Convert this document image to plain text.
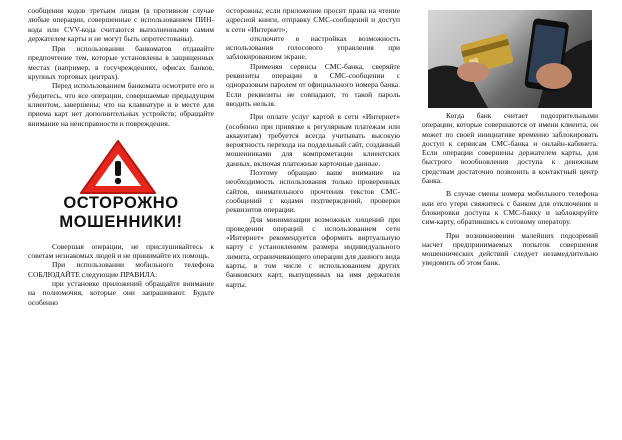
сообщения кодов третьим лицам (в противном случае любые операции, совершенные с использованием ПИН-кода или CVV-кода считаются выполненными самим держателем карты и не могут быть опротестованы).

При использовании банкоматов отдавайте предпочтение тем, которые установлены в защищенных местах (например, в госучреждениях, офисах банков, крупных торговых центрах).

Перед использованием банкомата осмотрите его и убедитесь, что все операции, совершаемые предыдущим клиентом, завершены; что на клавиатуре и в месте для приема карт нет дополнительных устройств; обращайте внимание на неисправности и повреждения.

ОСТОРОЖНО
МОШЕННИКИ!

Совершая операции, не прислушивайтесь к советам незнакомых людей и не принимайте их помощь.

При использовании мобильного телефона СОБЛЮДАЙТЕ следующие ПРАВИЛА:

при установке приложений обращайте внимание на полномочия, которые они запрашивают. Будьте особенно

осторожны, если приложение просит права на чтение адресной книги, отправку СМС-сообщений и доступ к сети «Интернет»;

отключите в настройках возможность использования голосового управления при заблокированном экране.

Применяя сервисы СМС-банка, сверяйте реквизиты операции в СМС-сообщении с одноразовым паролем от официального номера банка. Если реквизиты не совпадают, то такой пароль вводить нельзя.

При оплате услуг картой в сети «Интернет» (особенно при привязке к регулярным платежам или аккаунтам) требуется всегда учитывать высокую вероятность перехода на поддельный сайт, созданный мошенниками для компрометации клиентских данных, включая платежные карточные данные.

Поэтому обращаю ваше внимание на необходимость использования только проверенных сайтов, внимательного прочтения текстов СМС-сообщений с кодами подтверждений, проверки реквизитов операции.

Для минимизации возможных хищений при проведении операций с использованием сети «Интернет» рекомендуется оформить виртуальную карту с установлением размера индивидуального лимита, ограничивающего операции для данного вида карты, в том числе с использованием других банковских карт, выпущенных на имя держателя карты.

Когда банк считает подозрительными операции, которые совершаются от имени клиента, он может по своей инициативе временно заблокировать доступ к сервисам СМС-банка и онлайн-кабинета. Если операции совершены держателем карты, для быстрого возобновления доступа к денежным средствам достаточно позвонить в контактный центр банка.

В случае смены номера мобильного телефона или его утери свяжитесь с банком для отключения и блокировки доступа к СМС-банку и заблокируйте сим-карту, обратившись к сотовому оператору.

При возникновении малейших подозрений насчет предпринимаемых попыток совершения мошеннических действий следует незамедлительно уведомить об этом банк.
